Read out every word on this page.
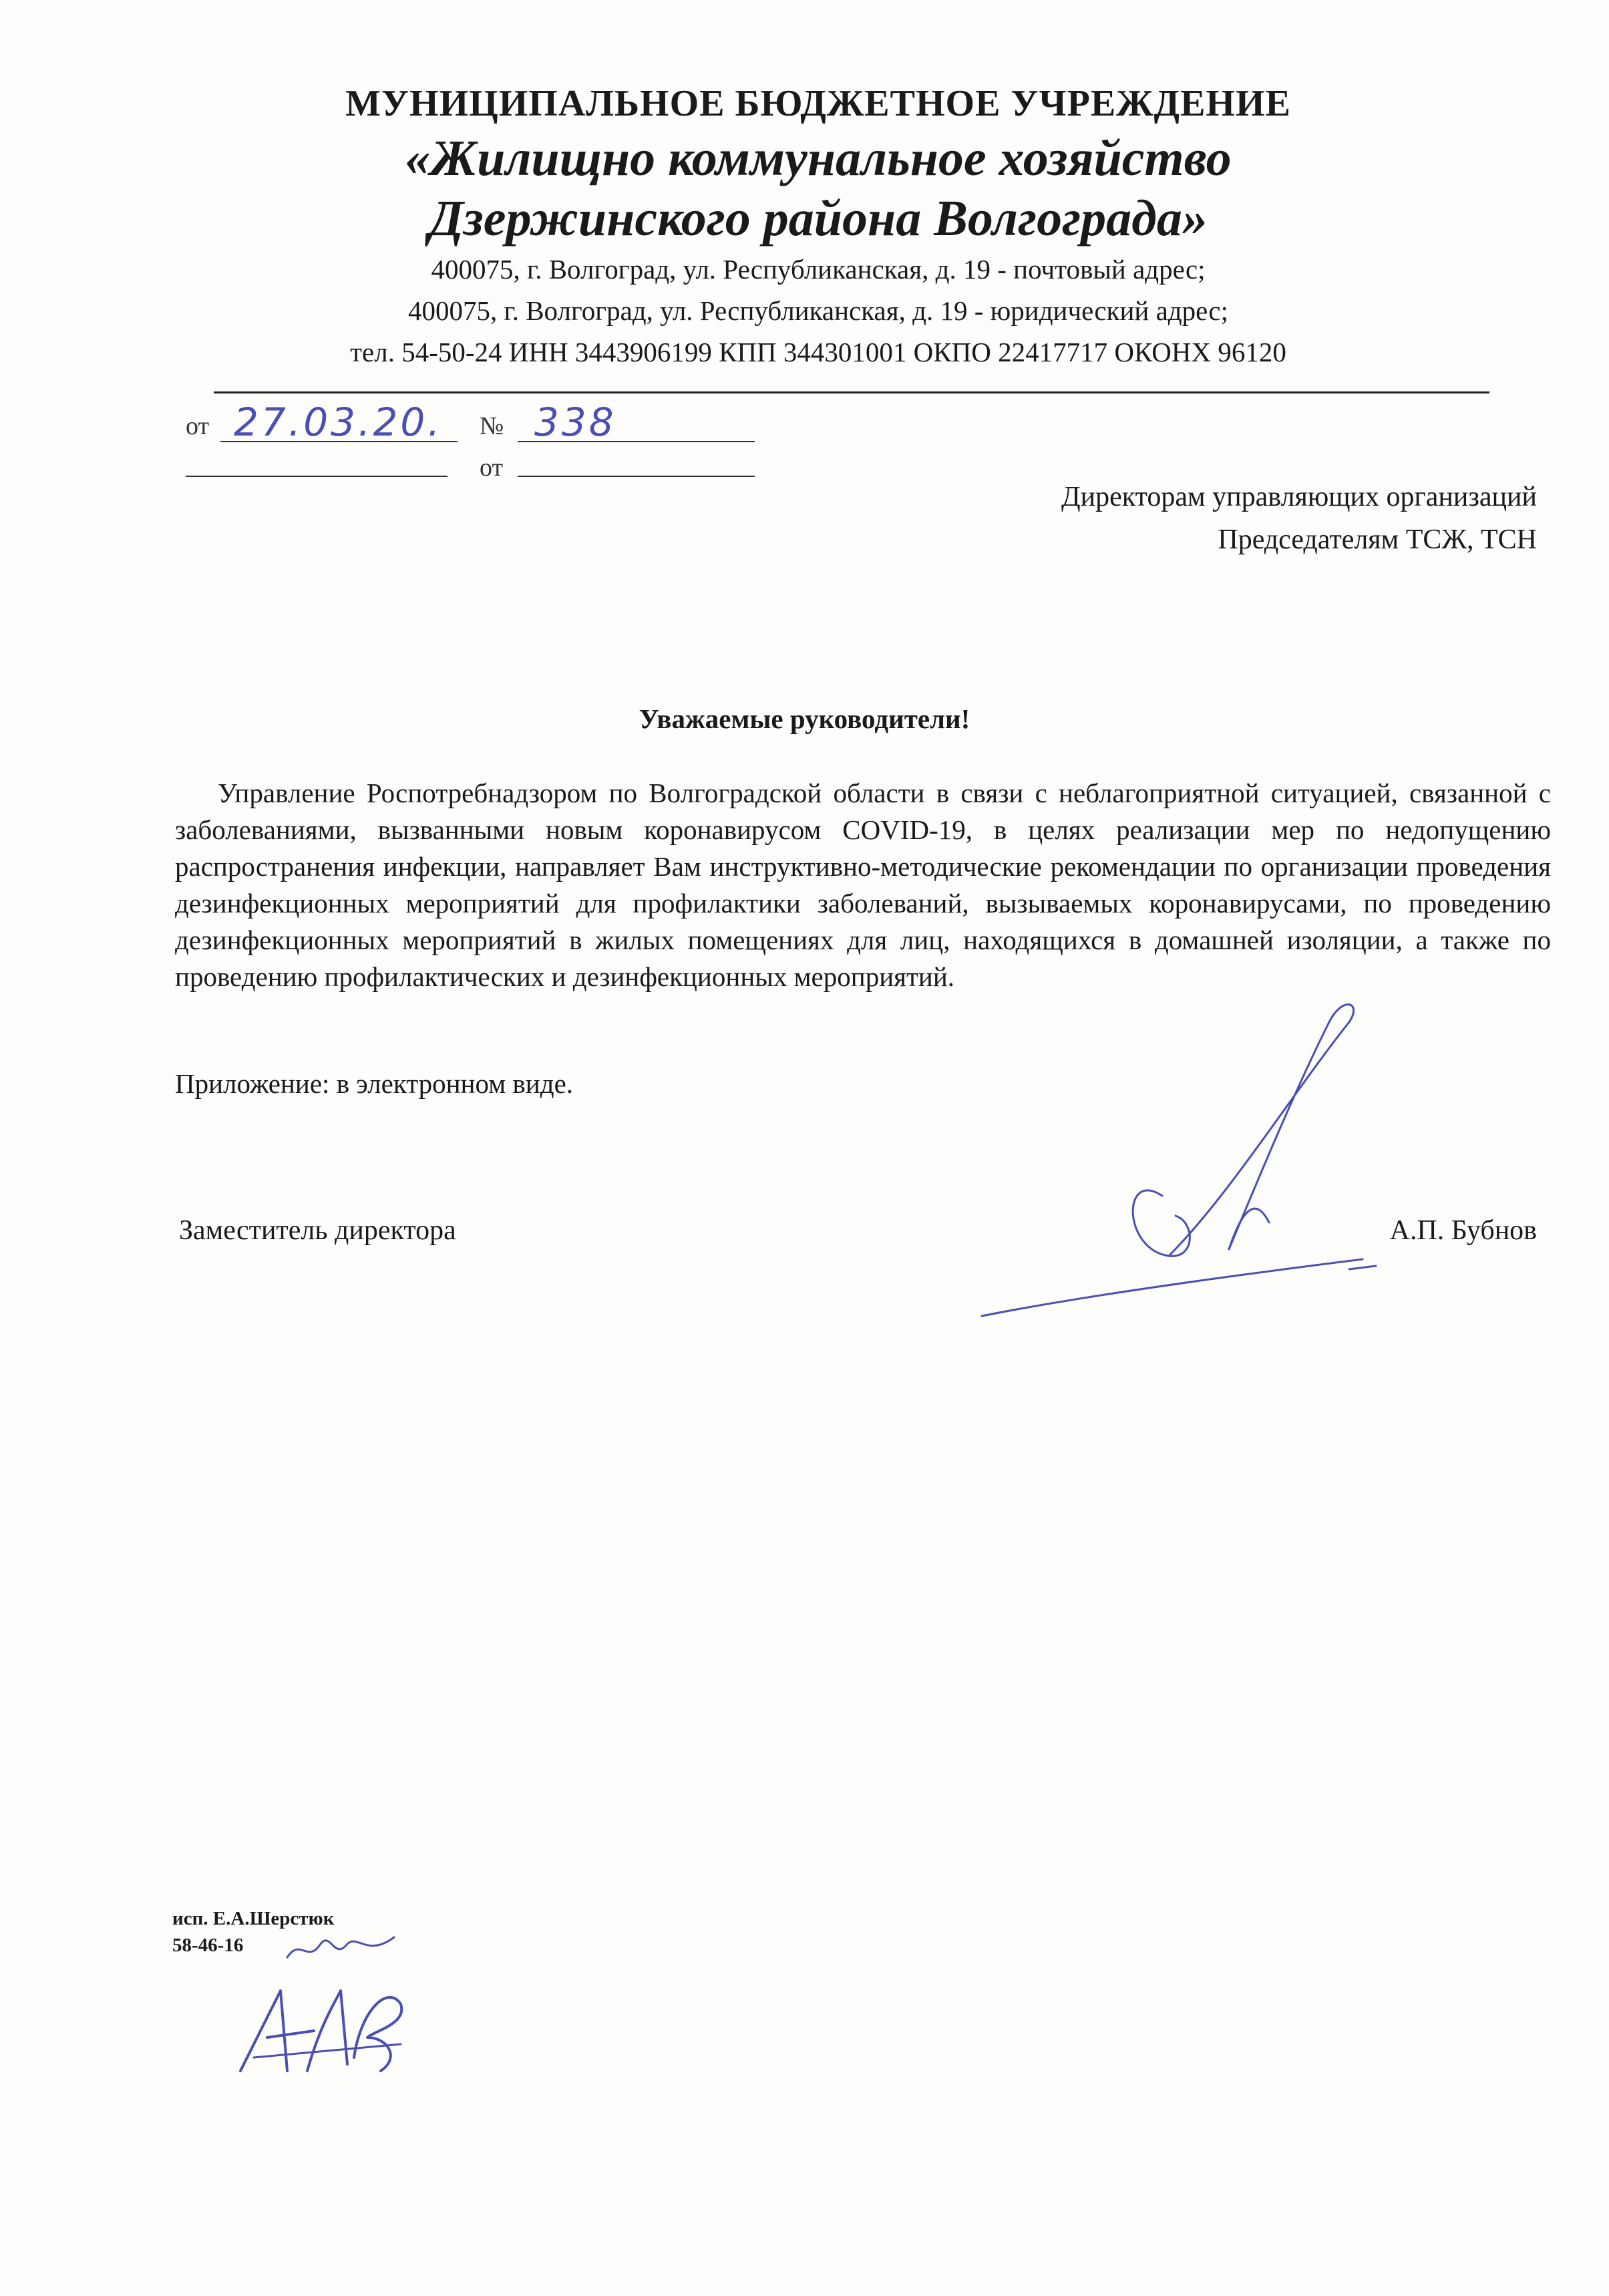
МУНИЦИПАЛЬНОЕ БЮДЖЕТНОЕ УЧРЕЖДЕНИЕ
«Жилищно коммунальное хозяйство
Дзержинского района Волгограда»
400075, г. Волгоград, ул. Республиканская, д. 19 - почтовый адрес;
400075, г. Волгоград, ул. Республиканская, д. 19 - юридический адрес;
тел. 54-50-24 ИНН 3443906199 КПП 344301001 ОКПО 22417717 ОКОНХ 96120
от 27.03.20. № 338
от
Директорам управляющих организаций
Председателям ТСЖ, ТСН
Уважаемые руководители!

Управление Роспотребнадзором по Волгоградской области в связи с неблагоприятной ситуацией, связанной с заболеваниями, вызванными новым коронавирусом COVID-19, в целях реализации мер по недопущению распространения инфекции, направляет Вам инструктивно-методические рекомендации по организации проведения дезинфекционных мероприятий для профилактики заболеваний, вызываемых коронавирусами, по проведению дезинфекционных мероприятий в жилых помещениях для лиц, находящихся в домашней изоляции, а также по проведению профилактических и дезинфекционных мероприятий.

Приложение: в электронном виде.
Заместитель директора	А.П. Бубнов
исп. Е.А.Шерстюк
58-46-16
